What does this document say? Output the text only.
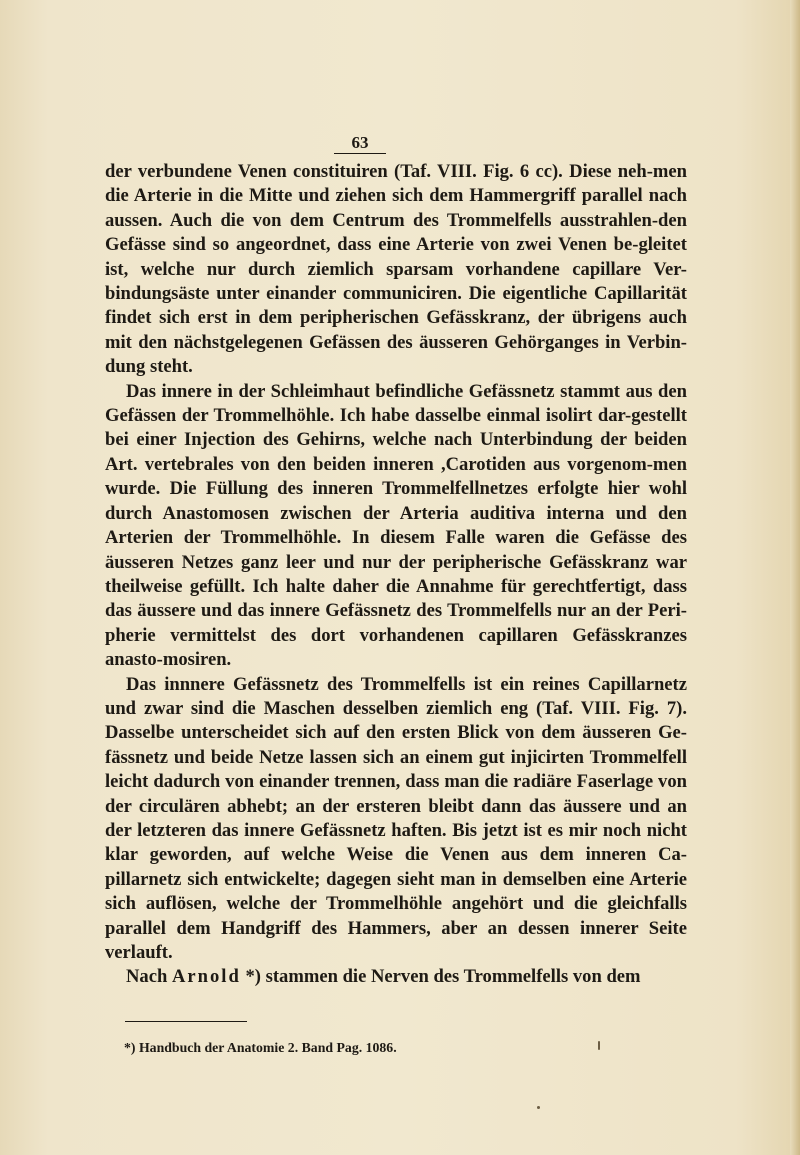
63

der verbundene Venen constituiren (Taf. VIII. Fig. 6 cc). Diese neh-men die Arterie in die Mitte und ziehen sich dem Hammergriff parallel nach aussen. Auch die von dem Centrum des Trommelfells ausstrahlen-den Gefässe sind so angeordnet, dass eine Arterie von zwei Venen be-gleitet ist, welche nur durch ziemlich sparsam vorhandene capillare Ver-bindungsäste unter einander communiciren. Die eigentliche Capillarität findet sich erst in dem peripherischen Gefässkranz, der übrigens auch mit den nächstgelegenen Gefässen des äusseren Gehörganges in Verbin-dung steht.

Das innere in der Schleimhaut befindliche Gefässnetz stammt aus den Gefässen der Trommelhöhle. Ich habe dasselbe einmal isolirt dar-gestellt bei einer Injection des Gehirns, welche nach Unterbindung der beiden Art. vertebrales von den beiden inneren ,Carotiden aus vorgenom-men wurde. Die Füllung des inneren Trommelfellnetzes erfolgte hier wohl durch Anastomosen zwischen der Arteria auditiva interna und den Arterien der Trommelhöhle. In diesem Falle waren die Gefässe des äusseren Netzes ganz leer und nur der peripherische Gefässkranz war theilweise gefüllt. Ich halte daher die Annahme für gerechtfertigt, dass das äussere und das innere Gefässnetz des Trommelfells nur an der Peri-pherie vermittelst des dort vorhandenen capillaren Gefässkranzes anasto-mosiren.

Das innnere Gefässnetz des Trommelfells ist ein reines Capillarnetz und zwar sind die Maschen desselben ziemlich eng (Taf. VIII. Fig. 7). Dasselbe unterscheidet sich auf den ersten Blick von dem äusseren Ge-fässnetz und beide Netze lassen sich an einem gut injicirten Trommelfell leicht dadurch von einander trennen, dass man die radiäre Faserlage von der circulären abhebt; an der ersteren bleibt dann das äussere und an der letzteren das innere Gefässnetz haften. Bis jetzt ist es mir noch nicht klar geworden, auf welche Weise die Venen aus dem inneren Ca-pillarnetz sich entwickelte; dagegen sieht man in demselben eine Arterie sich auflösen, welche der Trommelhöhle angehört und die gleichfalls parallel dem Handgriff des Hammers, aber an dessen innerer Seite verlauft.

Nach Arnold *) stammen die Nerven des Trommelfells von dem

*) Handbuch der Anatomie 2. Band Pag. 1086.
